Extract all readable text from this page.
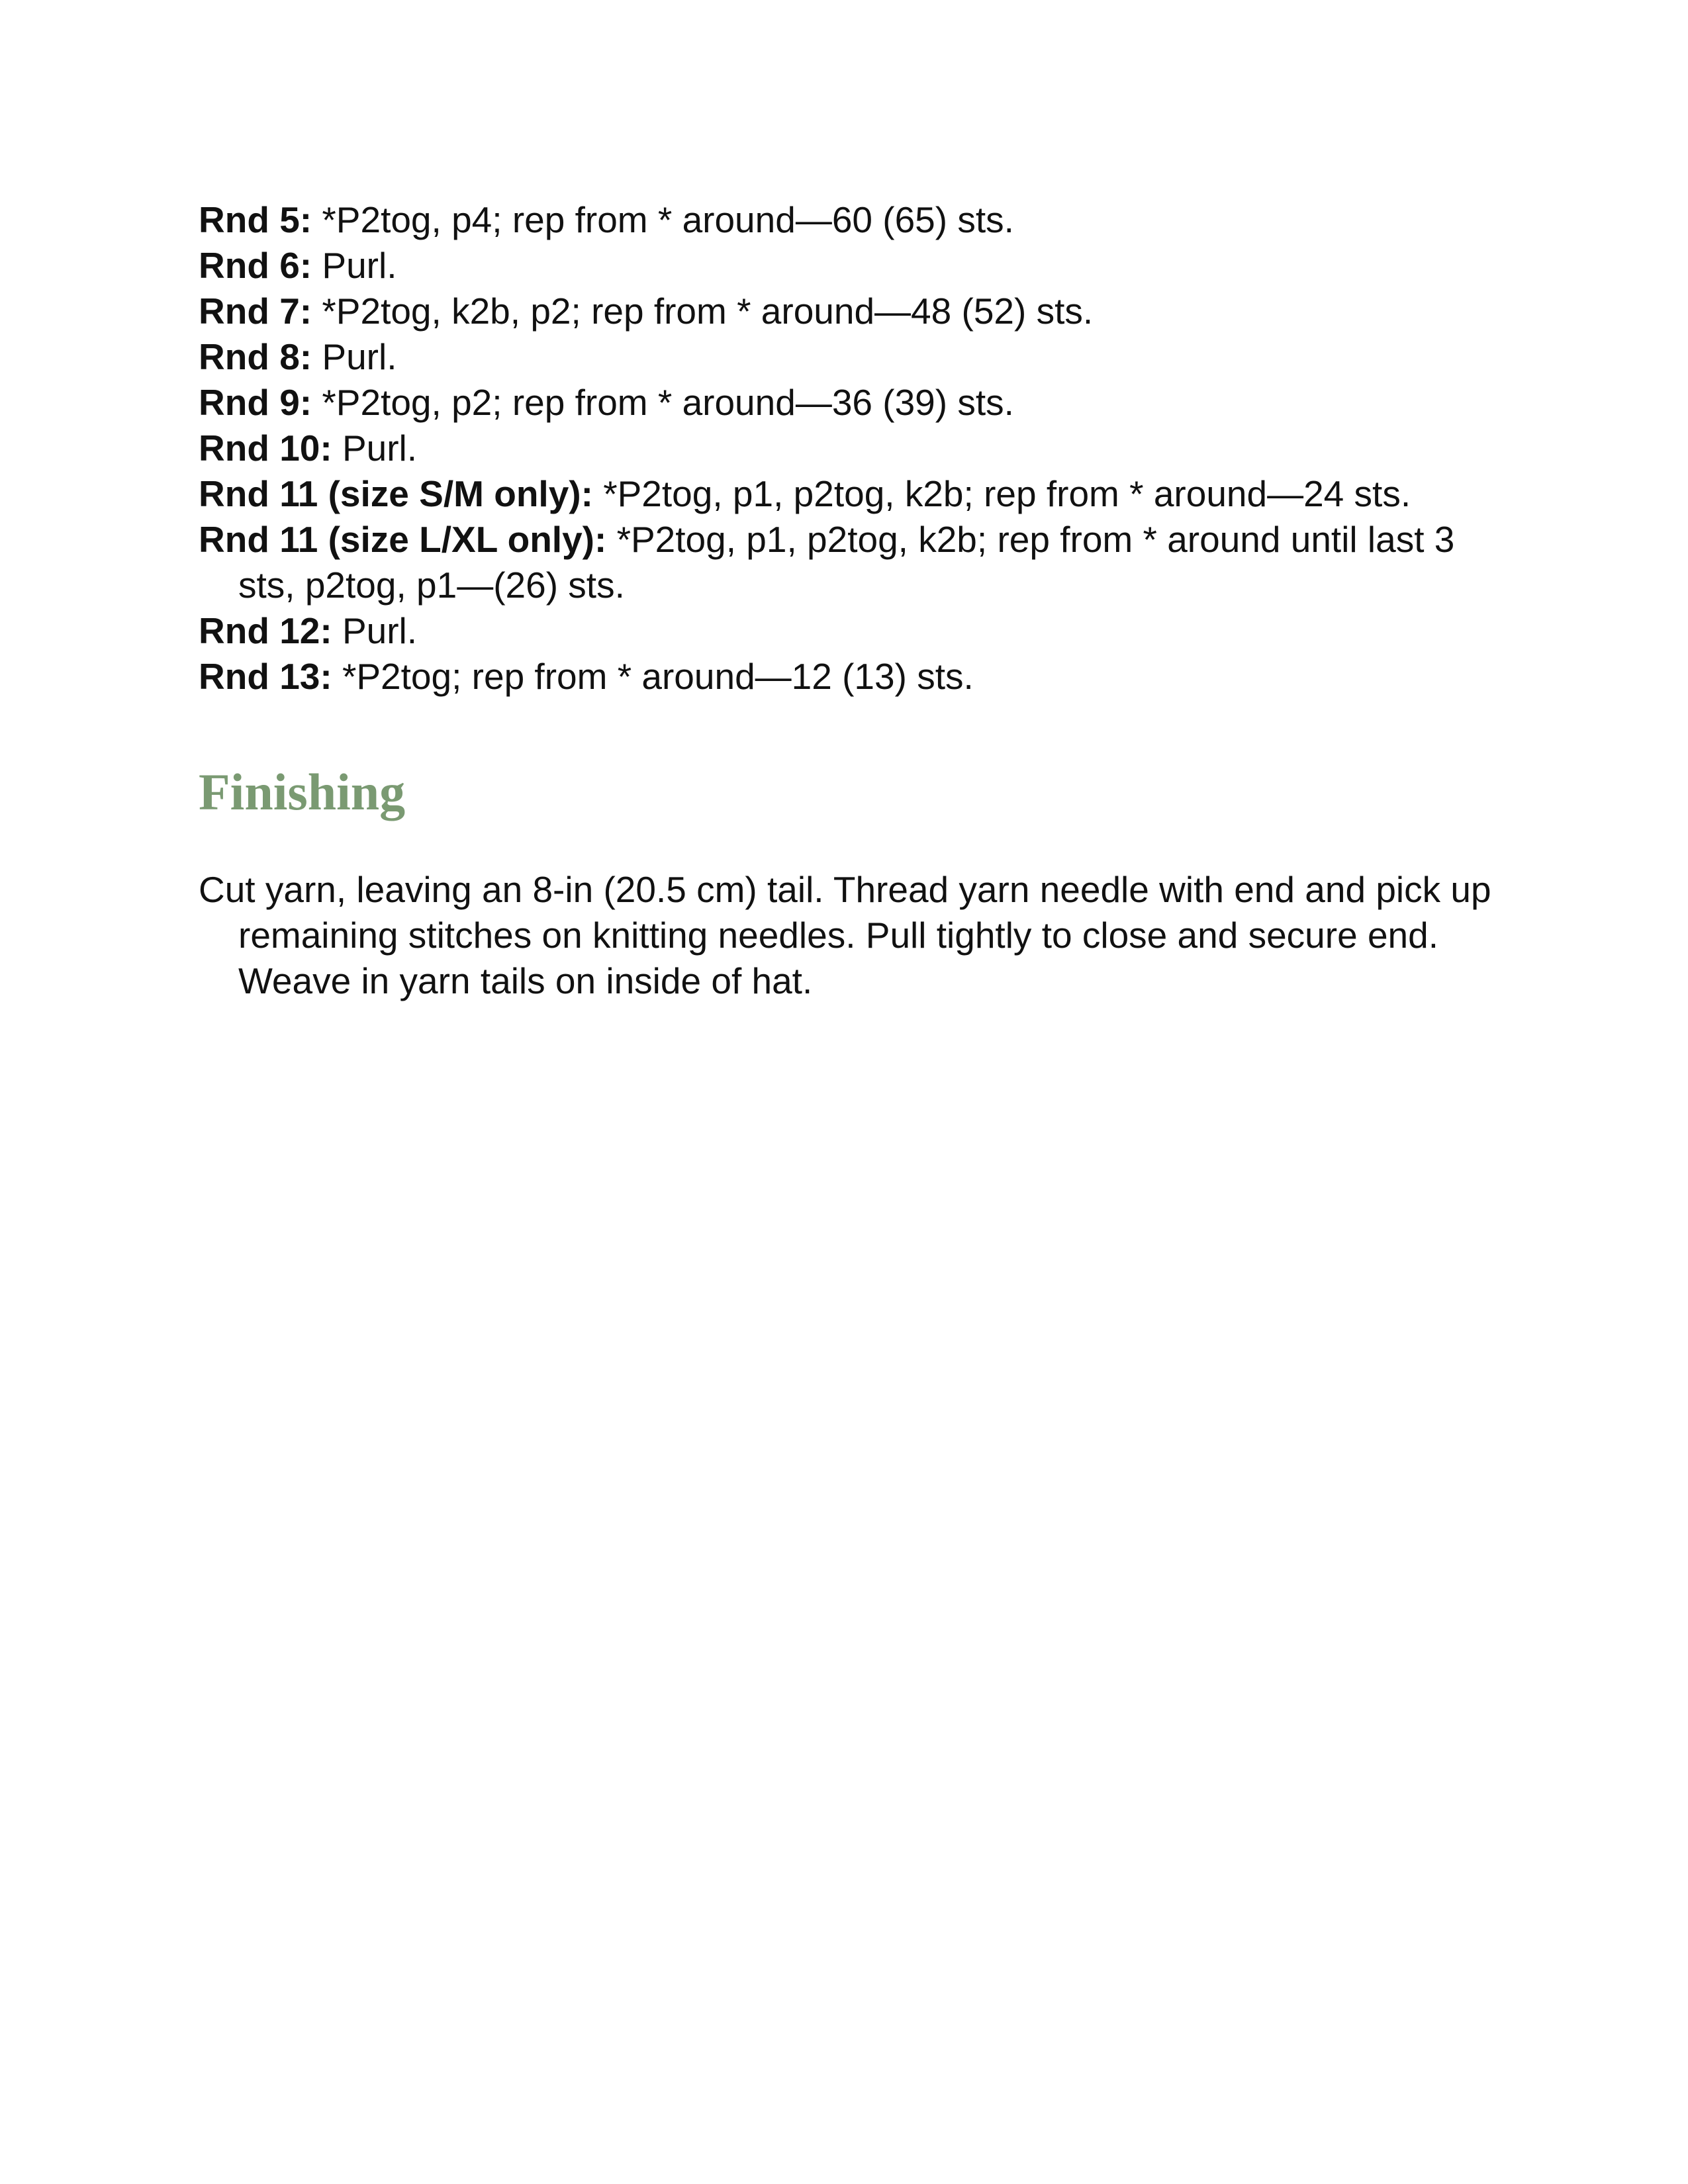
Rnd 5: *P2tog, p4; rep from * around—60 (65) sts.

Rnd 6: Purl.

Rnd 7: *P2tog, k2b, p2; rep from * around—48 (52) sts.

Rnd 8: Purl.

Rnd 9: *P2tog, p2; rep from * around—36 (39) sts.

Rnd 10: Purl.

Rnd 11 (size S/M only): *P2tog, p1, p2tog, k2b; rep from * around—24 sts.

Rnd 11 (size L/XL only): *P2tog, p1, p2tog, k2b; rep from * around until last 3 sts, p2tog, p1—(26) sts.

Rnd 12: Purl.

Rnd 13: *P2tog; rep from * around—12 (13) sts.

Finishing

Cut yarn, leaving an 8-in (20.5 cm) tail. Thread yarn needle with end and pick up remaining stitches on knitting needles. Pull tightly to close and secure end. Weave in yarn tails on inside of hat.
